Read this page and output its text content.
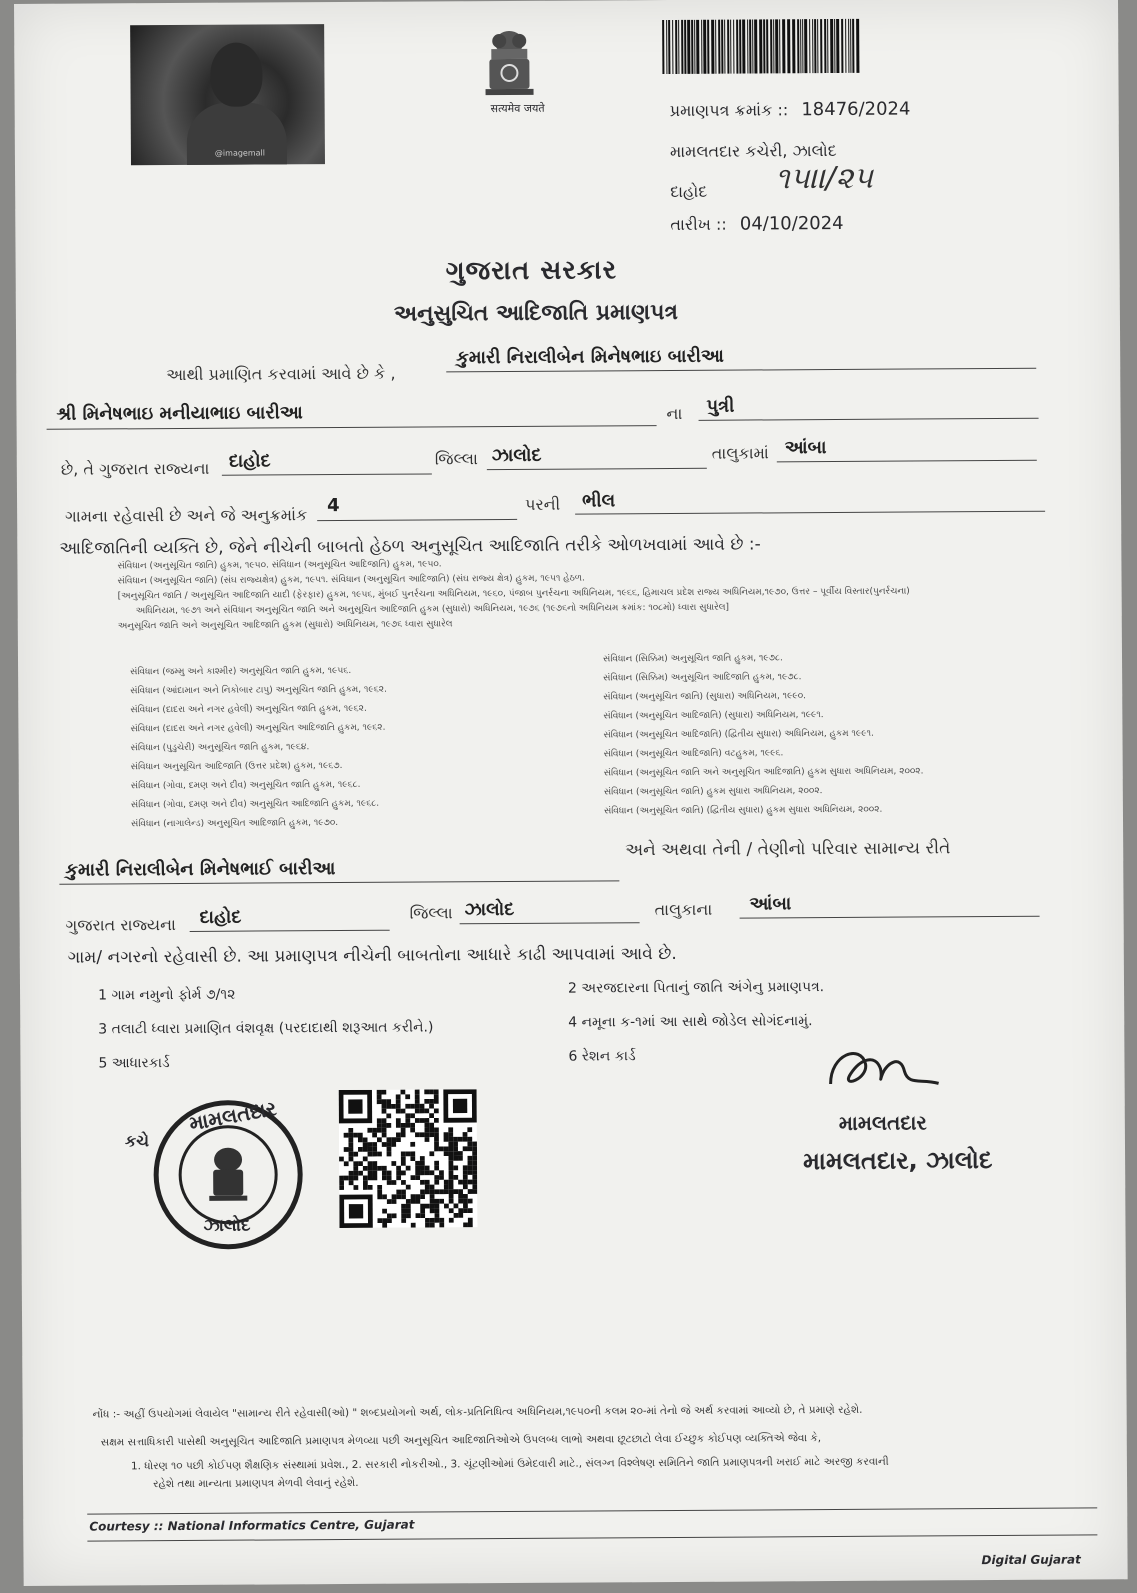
@imagemall
सत्यमेव जयते	પ્રમાણપત્ર ક્રમાંક :: 18476/2024
મામલતદાર કચેરી, ઝાલોદ
દાહોદ ૧૫।।/૨૫
તારીખ :: 04/10/2024
ગુજરાત સરકાર
અનુસુચિત આદિજાતિ પ્રમાણપત્ર
આથી પ્રમાણિત કરવામાં આવે છે કે ,
કુમારી નિરાલીબેન મિનેષભાઇ બારીઆ
શ્રી મિનેષભાઇ મનીયાભાઇ બારીઆ	ના પુત્રી
છે, તે ગુજરાત રાજ્યના દાહોદ	જિલ્લા ઝાલોદ	તાલુકામાં આંબા
ગામના રહેવાસી છે અને જે અનુક્રમાંક 4	પરની ભીલ
આદિજાતિની વ્યક્તિ છે, જેને નીચેની બાબતો હેઠળ અનુસૂચિત આદિજાતિ તરીકે ઓળખવામાં આવે છે :-
સંવિધાન (અનુસૂચિત જાતિ) હુકમ, ૧૯૫૦. સંવિધાન (અનુસૂચિત આદિજાતિ) હુકમ, ૧૯૫૦.
સંવિધાન (અનુસૂચિત જાતિ) (સંઘ રાજ્યક્ષેત્ર) હુકમ, ૧૯૫૧. સંવિધાન (અનુસૂચિત આદિજાતિ) (સંઘ રાજ્ય ક્ષેત્ર) હુકમ, ૧૯૫૧ હેઠળ.
[અનુસૂચિત જાતિ / અનુસૂચિત આદિજાતિ યાદી (ફેરફાર) હુકમ, ૧૯૫૬, મુંબઈ પુનર્રચના અધિનિયમ, ૧૯૬૦, પંજાબ પુનર્રચના અધિનિયમ, ૧૯૬૬, હિમાચલ પ્રદેશ રાજ્ય અધિનિયમ,૧૯૭૦, ઉત્તર – પૂર્વીય વિસ્તાર(પુનર્રચના)
અધિનિયમ, ૧૯૭૧ અને સંવિધાન અનુસૂચિત જાતિ અને અનુસૂચિત આદિજાતિ હુકમ (સુધારો) અધિનિયમ, ૧૯૭૬ (૧૯૭૬નો અધિનિયમ ક્રમાંક: ૧૦૮મો) ધ્વારા સુધારેલ]
અનુસૂચિત જાતિ અને અનુસૂચિત આદિજાતિ હુકમ (સુધારો) અધિનિયમ, ૧૯૭૬ ધ્વારા સુધારેલ
સંવિધાન (જમ્મુ અને કાશ્મીર) અનુસૂચિત જાતિ હુકમ, ૧૯૫૬.
સંવિધાન (આંદામાન અને નિકોબાર ટાપુ) અનુસૂચિત જાતિ હુકમ, ૧૯૬૨.
સંવિધાન (દાદરા અને નગર હવેલી) અનુસૂચિત જાતિ હુકમ, ૧૯૬૨.
સંવિધાન (દાદરા અને નગર હવેલી) અનુસૂચિત આદિજાતિ હુકમ, ૧૯૬૨.
સંવિધાન (પુડુચેરી) અનુસૂચિત જાતિ હુકમ, ૧૯૬૪.
સંવિધાન અનુસૂચિત આદિજાતિ (ઉત્તર પ્રદેશ) હુકમ, ૧૯૬૭.
સંવિધાન (ગોવા, દમણ અને દીવ) અનુસૂચિત જાતિ હુકમ, ૧૯૬૮.
સંવિધાન (ગોવા, દમણ અને દીવ) અનુસૂચિત આદિજાતિ હુકમ, ૧૯૬૮.
સંવિધાન (નાગાલેન્ડ) અનુસૂચિત આદિજાતિ હુકમ, ૧૯૭૦.
સંવિધાન (સિક્કિમ) અનુસૂચિત જાતિ હુકમ, ૧૯૭૮.
સંવિધાન (સિક્કિમ) અનુસૂચિત આદિજાતિ હુકમ, ૧૯૭૮.
સંવિધાન (અનુસૂચિત જાતિ) (સુધારા) અધિનિયમ, ૧૯૯૦.
સંવિધાન (અનુસૂચિત આદિજાતિ) (સુધારા) અધિનિયમ, ૧૯૯૧.
સંવિધાન (અનુસૂચિત આદિજાતિ) (દ્વિતીય સુધારા) અધિનિયમ, હુકમ ૧૯૯૧.
સંવિધાન (અનુસૂચિત આદિજાતિ) વટહુકમ, ૧૯૯૬.
સંવિધાન (અનુસૂચિત જાતિ અને અનુસૂચિત આદિજાતિ) હુકમ સુધારા અધિનિયમ, ૨૦૦૨.
સંવિધાન (અનુસૂચિત જાતિ) હુકમ સુધારા અધિનિયમ, ૨૦૦૨.
સંવિધાન (અનુસૂચિત જાતિ) (દ્વિતીય સુધારા) હુકમ સુધારા અધિનિયમ, ૨૦૦૨.
કુમારી નિરાલીબેન મિનેષભાઈ બારીઆ
અને અથવા તેની / તેણીનો પરિવાર સામાન્ય રીતે
ગુજરાત રાજ્યના દાહોદ	જિલ્લા ઝાલોદ	તાલુકાના આંબા
ગામ/ નગરનો રહેવાસી છે. આ પ્રમાણપત્ર નીચેની બાબતોના આધારે કાઢી આપવામાં આવે છે.
1 ગામ નમુનો ફોર્મ ૭/૧૨	2 અરજદારના પિતાનું જાતિ અંગેનુ પ્રમાણપત્ર.
3 તલાટી ધ્વારા પ્રમાણિત વંશવૃક્ષ (પરદાદાથી શરૂઆત કરીને.)	4 નમૂના ક-૧માં આ સાથે જોડેલ સોગંદનામું.
5 આધારકાર્ડ	6 રેશન કાર્ડ
મામલતદાર
ઝાલોદ
કચે
મામલતદાર
મામલતદાર, ઝાલોદ
નોંધ :- અહીં ઉપયોગમાં લેવાયેલ "સામાન્ય રીતે રહેવાસી(ઓ) " શબ્દપ્રયોગનો અર્થ, લોક-પ્રતિનિધિત્વ અધિનિયમ,૧૯૫૦ની કલમ ૨૦-માં તેનો જે અર્થ કરવામાં આવ્યો છે, તે પ્રમાણે રહેશે.
સક્ષમ સત્તાધિકારી પાસેથી અનુસૂચિત આદિજાતિ પ્રમાણપત્ર મેળવ્યા પછી અનુસૂચિત આદિજાતિઓએ ઉપલબ્ધ લાભો અથવા છૂટછાટો લેવા ઈચ્છુક કોઈપણ વ્યક્તિએ જેવા કે,
1. ધોરણ ૧૦ પછી કોઈપણ શૈક્ષણિક સંસ્થામાં પ્રવેશ., 2. સરકારી નોકરીઓ., 3. ચૂંટણીઓમાં ઉમેદવારી માટે., સંલગ્ન વિશ્લેષણ સમિતિને જાતિ પ્રમાણપત્રની ખરાઈ માટે અરજી કરવાની
રહેશે તથા માન્યતા પ્રમાણપત્ર મેળવી લેવાનું રહેશે.
Courtesy :: National Informatics Centre, Gujarat
Digital Gujarat
